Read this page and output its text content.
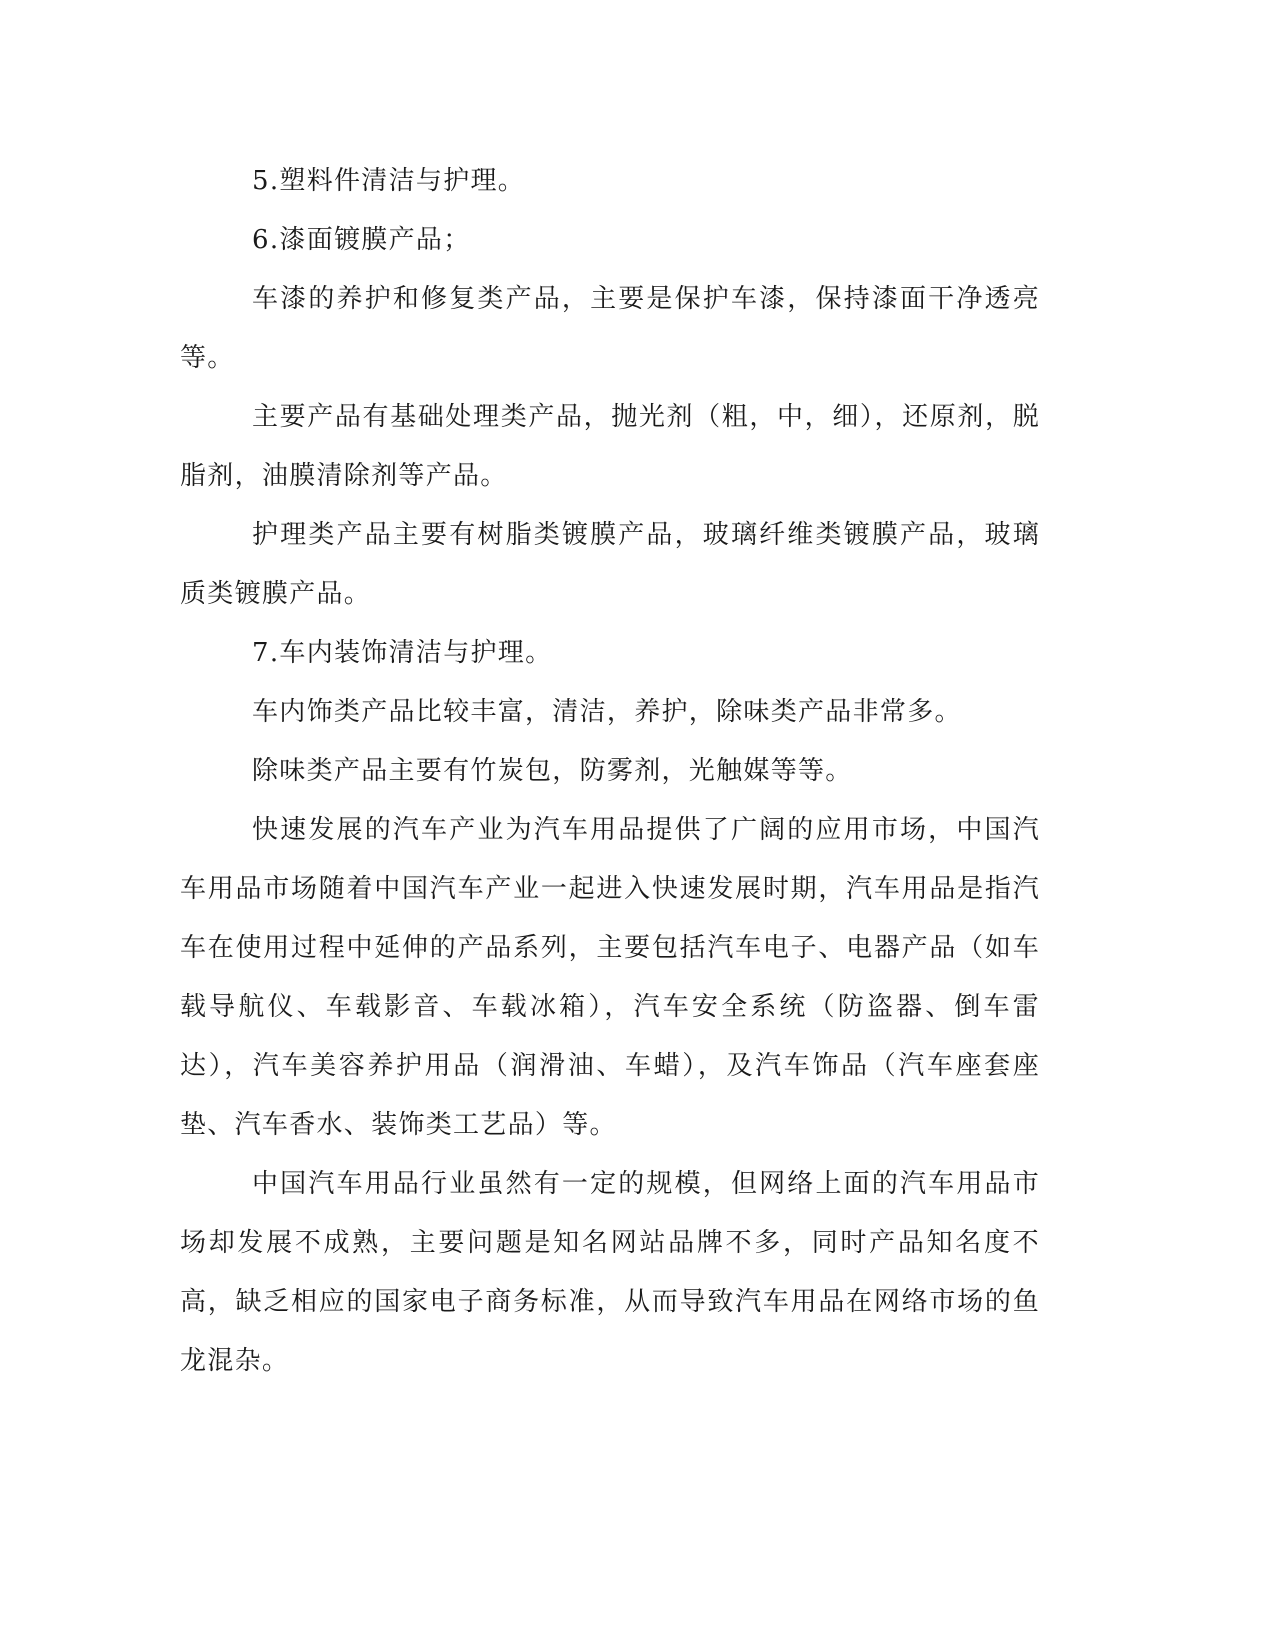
5.塑料件清洁与护理。

6.漆面镀膜产品；

车漆的养护和修复类产品，主要是保护车漆，保持漆面干净透亮等。

主要产品有基础处理类产品，抛光剂（粗，中，细），还原剂，脱脂剂，油膜清除剂等产品。

护理类产品主要有树脂类镀膜产品，玻璃纤维类镀膜产品，玻璃质类镀膜产品。

7.车内装饰清洁与护理。

车内饰类产品比较丰富，清洁，养护，除味类产品非常多。

除味类产品主要有竹炭包，防雾剂，光触媒等等。

快速发展的汽车产业为汽车用品提供了广阔的应用市场，中国汽车用品市场随着中国汽车产业一起进入快速发展时期，汽车用品是指汽车在使用过程中延伸的产品系列，主要包括汽车电子、电器产品（如车载导航仪、车载影音、车载冰箱），汽车安全系统（防盗器、倒车雷达），汽车美容养护用品（润滑油、车蜡），及汽车饰品（汽车座套座垫、汽车香水、装饰类工艺品）等。

中国汽车用品行业虽然有一定的规模，但网络上面的汽车用品市场却发展不成熟，主要问题是知名网站品牌不多，同时产品知名度不高，缺乏相应的国家电子商务标准，从而导致汽车用品在网络市场的鱼龙混杂。
